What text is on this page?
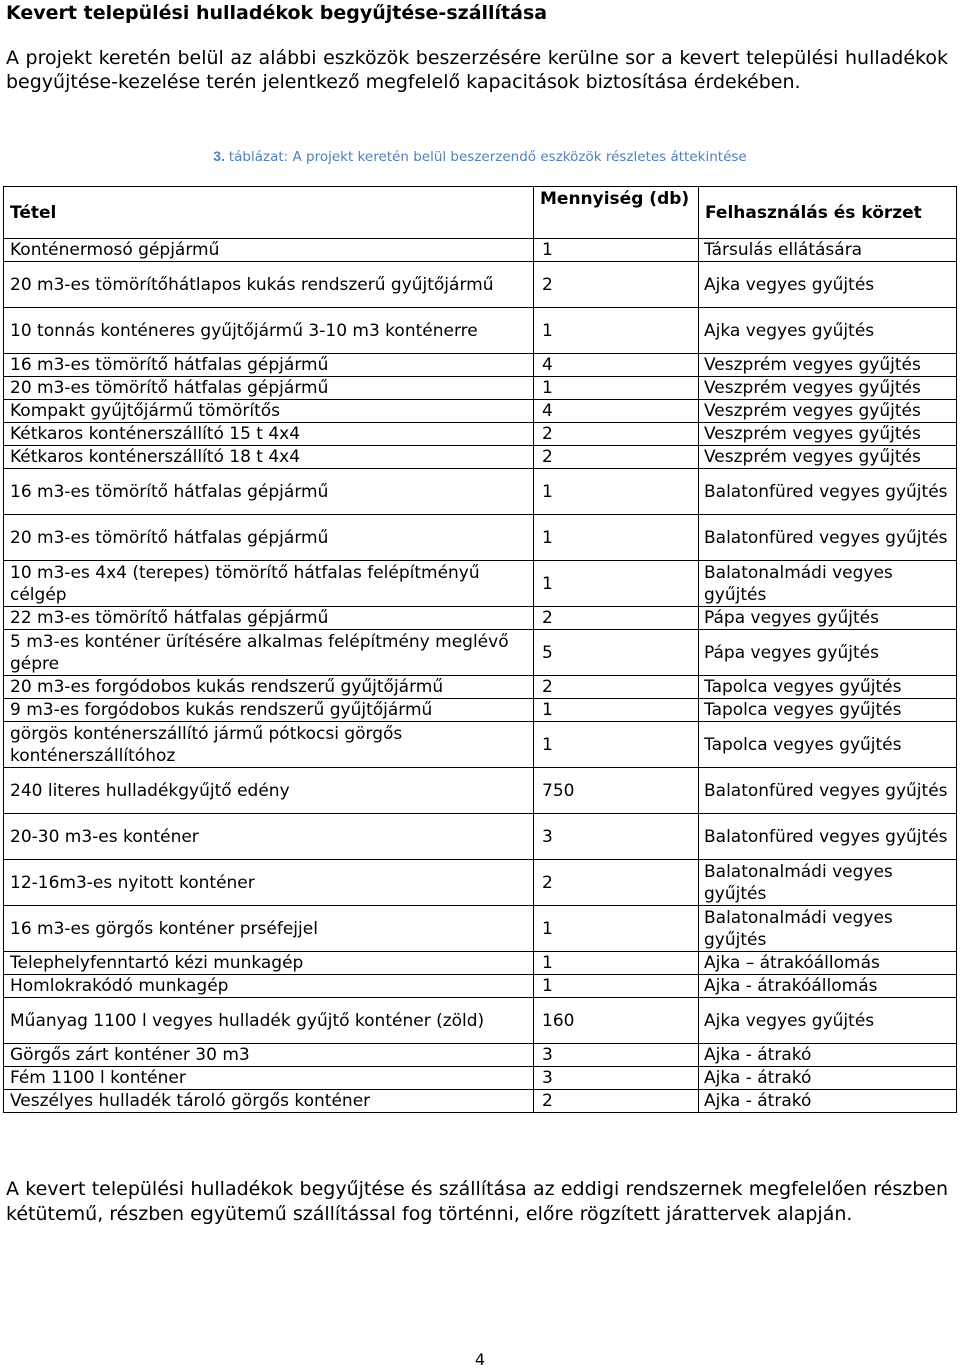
Kevert települési hulladékok begyűjtése-szállítása

A projekt keretén belül az alábbi eszközök beszerzésére kerülne sor a kevert települési hulladékok begyűjtése-kezelése terén jelentkező megfelelő kapacitások biztosítása érdekében.

3. táblázat: A projekt keretén belül beszerzendő eszközök részletes áttekintése

Tétel	Mennyiség (db)	Felhasználás és körzet
Konténermosó gépjármű	1	Társulás ellátására
20 m3-es tömörítőhátlapos kukás rendszerű gyűjtőjármű	2	Ajka vegyes gyűjtés
10 tonnás konténeres gyűjtőjármű 3-10 m3 konténerre	1	Ajka vegyes gyűjtés
16 m3-es tömörítő hátfalas gépjármű	4	Veszprém vegyes gyűjtés
20 m3-es tömörítő hátfalas gépjármű	1	Veszprém vegyes gyűjtés
Kompakt gyűjtőjármű tömörítős	4	Veszprém vegyes gyűjtés
Kétkaros konténerszállító 15 t 4x4	2	Veszprém vegyes gyűjtés
Kétkaros konténerszállító 18 t 4x4	2	Veszprém vegyes gyűjtés
16 m3-es tömörítő hátfalas gépjármű	1	Balatonfüred vegyes gyűjtés
20 m3-es tömörítő hátfalas gépjármű	1	Balatonfüred vegyes gyűjtés
10 m3-es 4x4 (terepes) tömörítő hátfalas felépítményű célgép	1	Balatonalmádi vegyes gyűjtés
22 m3-es tömörítő hátfalas gépjármű	2	Pápa vegyes gyűjtés
5 m3-es konténer ürítésére alkalmas felépítmény meglévő gépre	5	Pápa vegyes gyűjtés
20 m3-es forgódobos kukás rendszerű gyűjtőjármű	2	Tapolca vegyes gyűjtés
9 m3-es forgódobos kukás rendszerű gyűjtőjármű	1	Tapolca vegyes gyűjtés
görgös konténerszállító jármű pótkocsi görgős konténerszállítóhoz	1	Tapolca vegyes gyűjtés
240 literes hulladékgyűjtő edény	750	Balatonfüred vegyes gyűjtés
20-30 m3-es konténer	3	Balatonfüred vegyes gyűjtés
12-16m3-es nyitott konténer	2	Balatonalmádi vegyes gyűjtés
16 m3-es görgős konténer prséfejjel	1	Balatonalmádi vegyes gyűjtés
Telephelyfenntartó kézi munkagép	1	Ajka – átrakóállomás
Homlokrakódó munkagép	1	Ajka - átrakóállomás
Műanyag 1100 l vegyes hulladék gyűjtő konténer (zöld)	160	Ajka vegyes gyűjtés
Görgős zárt konténer 30 m3	3	Ajka - átrakó
Fém 1100 l konténer	3	Ajka - átrakó
Veszélyes hulladék tároló görgős konténer	2	Ajka - átrakó

A kevert települési hulladékok begyűjtése és szállítása az eddigi rendszernek megfelelően részben kétütemű, részben együtemű szállítással fog történni, előre rögzített járattervek alapján.

4
